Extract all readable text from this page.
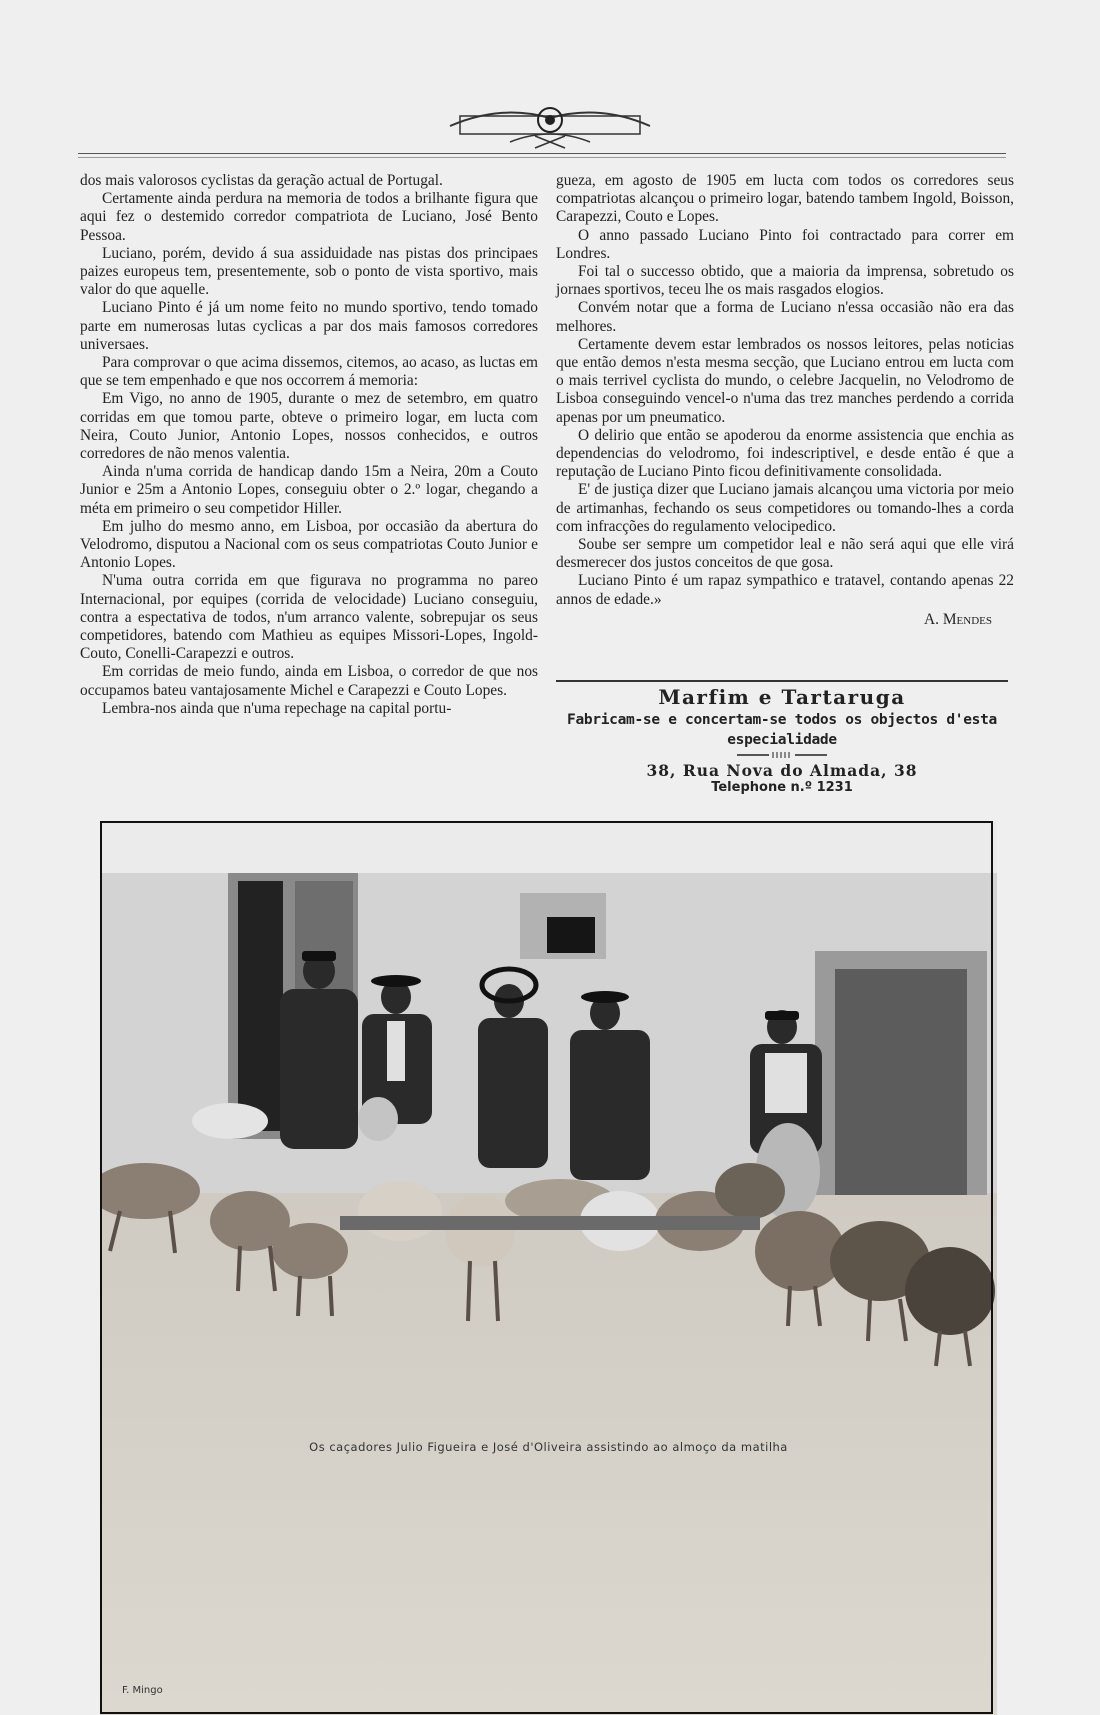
dos mais valorosos cyclistas da geração actual de Portugal.

Certamente ainda perdura na memoria de todos a brilhante figura que aqui fez o destemido corredor compatriota de Luciano, José Bento Pessoa.

Luciano, porém, devido á sua assiduidade nas pistas dos principaes paizes europeus tem, presentemente, sob o ponto de vista sportivo, mais valor do que aquelle.

Luciano Pinto é já um nome feito no mundo sportivo, tendo tomado parte em numerosas lutas cyclicas a par dos mais famosos corredores universaes.

Para comprovar o que acima dissemos, citemos, ao acaso, as luctas em que se tem empenhado e que nos occorrem á memoria:

Em Vigo, no anno de 1905, durante o mez de setembro, em quatro corridas em que tomou parte, obteve o primeiro logar, em lucta com Neira, Couto Junior, Antonio Lopes, nossos conhecidos, e outros corredores de não menos valentia.

Ainda n'uma corrida de handicap dando 15m a Neira, 20m a Couto Junior e 25m a Antonio Lopes, conseguiu obter o 2.º logar, chegando a méta em primeiro o seu competidor Hiller.

Em julho do mesmo anno, em Lisboa, por occasião da abertura do Velodromo, disputou a Nacional com os seus compatriotas Couto Junior e Antonio Lopes.

N'uma outra corrida em que figurava no programma no pareo Internacional, por equipes (corrida de velocidade) Luciano conseguiu, contra a espectativa de todos, n'um arranco valente, sobrepujar os seus competidores, batendo com Mathieu as equipes Missori-Lopes, Ingold-Couto, Conelli-Carapezzi e outros.

Em corridas de meio fundo, ainda em Lisboa, o corredor de que nos occupamos bateu vantajosamente Michel e Carapezzi e Couto Lopes.

Lembra-nos ainda que n'uma repechage na capital portu-

gueza, em agosto de 1905 em lucta com todos os corredores seus compatriotas alcançou o primeiro logar, batendo tambem Ingold, Boisson, Carapezzi, Couto e Lopes.

O anno passado Luciano Pinto foi contractado para correr em Londres.

Foi tal o successo obtido, que a maioria da imprensa, sobretudo os jornaes sportivos, teceu lhe os mais rasgados elogios.

Convém notar que a forma de Luciano n'essa occasião não era das melhores.

Certamente devem estar lembrados os nossos leitores, pelas noticias que então demos n'esta mesma secção, que Luciano entrou em lucta com o mais terrivel cyclista do mundo, o celebre Jacquelin, no Velodromo de Lisboa conseguindo vencel-o n'uma das trez manches perdendo a corrida apenas por um pneumatico.

O delirio que então se apoderou da enorme assistencia que enchia as dependencias do velodromo, foi indescriptivel, e desde então é que a reputação de Luciano Pinto ficou definitivamente consolidada.

E' de justiça dizer que Luciano jamais alcançou uma victoria por meio de artimanhas, fechando os seus competidores ou tomando-lhes a corda com infracções do regulamento velocipedico.

Soube ser sempre um competidor leal e não será aqui que elle virá desmerecer dos justos conceitos de que gosa.

Luciano Pinto é um rapaz sympathico e tratavel, contando apenas 22 annos de edade.»

A. Mendes
Marfim e Tartaruga
Fabricam-se e concertam-se todos os objectos d'esta especialidade
38, Rua Nova do Almada, 38
Telephone n.º 1231
F. Mingo
Os caçadores Julio Figueira e José d'Oliveira assistindo ao almoço da matilha
